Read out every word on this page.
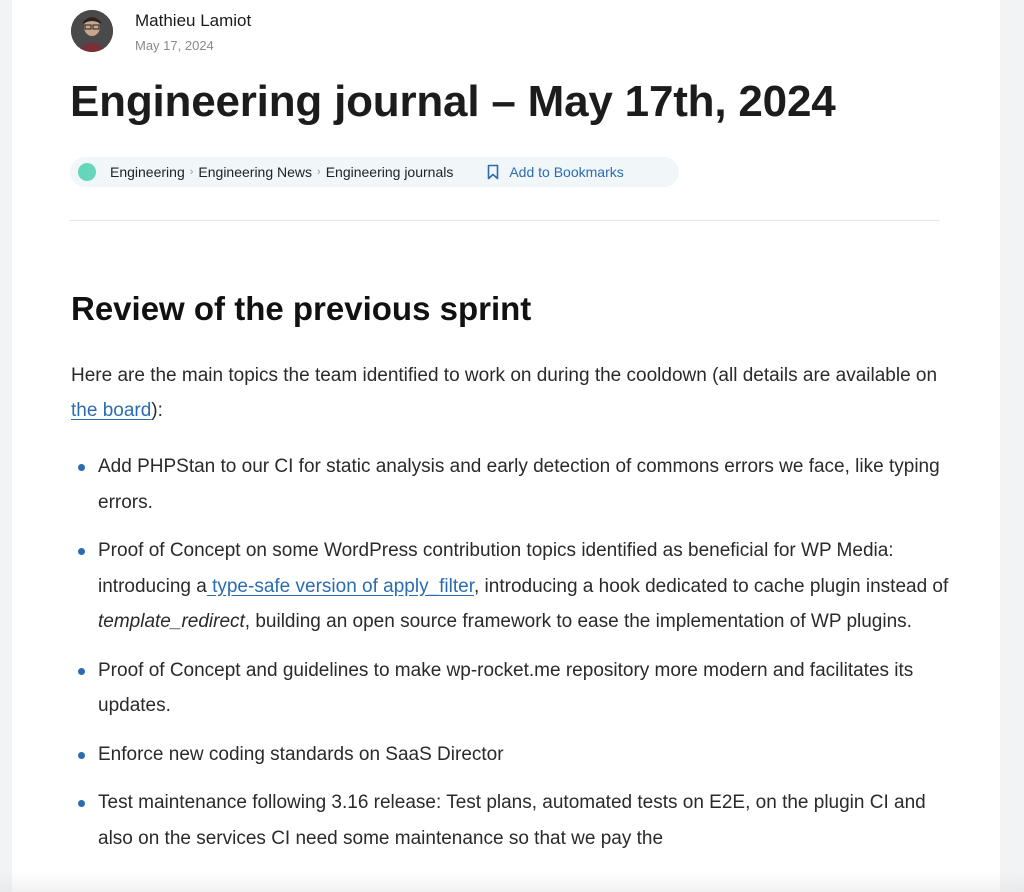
Mathieu Lamiot
May 17, 2024
Engineering journal – May 17th, 2024
Engineering › Engineering News › Engineering journals	Add to Bookmarks
Review of the previous sprint

Here are the main topics the team identified to work on during the cooldown (all details are available on the board):

Add PHPStan to our CI for static analysis and early detection of commons errors we face, like typing errors.
Proof of Concept on some WordPress contribution topics identified as beneficial for WP Media: introducing a type-safe version of apply_filter, introducing a hook dedicated to cache plugin instead of template_redirect, building an open source framework to ease the implementation of WP plugins.
Proof of Concept and guidelines to make wp-rocket.me repository more modern and facilitates its updates.
Enforce new coding standards on SaaS Director
Test maintenance following 3.16 release: Test plans, automated tests on E2E, on the plugin CI and also on the services CI need some maintenance so that we pay the
